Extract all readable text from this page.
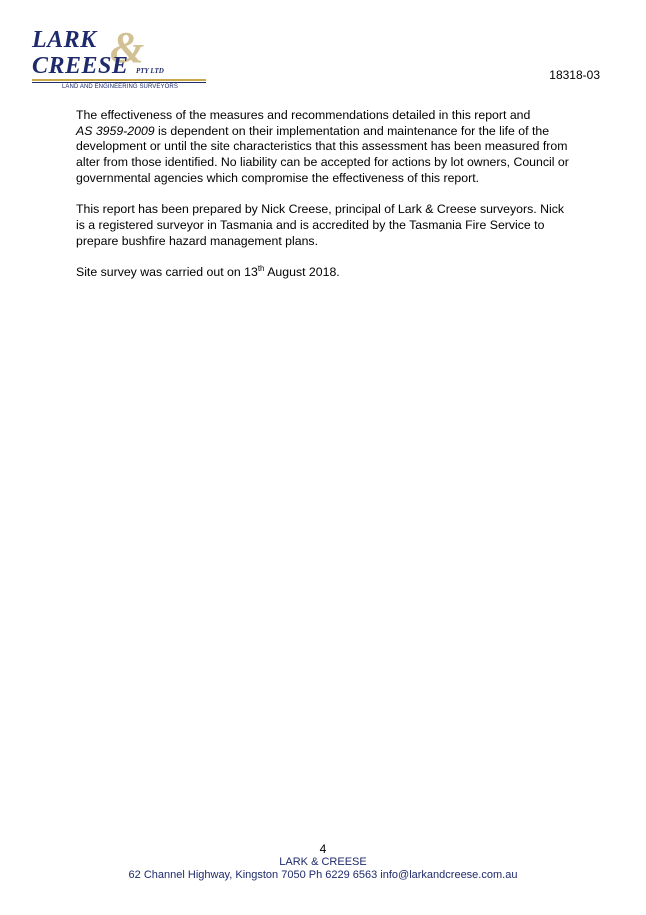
&
LARK
CREESE PTY LTD
LAND AND ENGINEERING SURVEYORS
18318-03

The effectiveness of the measures and recommendations detailed in this report and
AS 3959-2009 is dependent on their implementation and maintenance for the life of the development or until the site characteristics that this assessment has been measured from alter from those identified. No liability can be accepted for actions by lot owners, Council or governmental agencies which compromise the effectiveness of this report.

This report has been prepared by Nick Creese, principal of Lark & Creese surveyors. Nick is a registered surveyor in Tasmania and is accredited by the Tasmania Fire Service to prepare bushfire hazard management plans.

Site survey was carried out on 13th August 2018.

4
LARK & CREESE
62 Channel Highway, Kingston 7050 Ph 6229 6563 info@larkandcreese.com.au
